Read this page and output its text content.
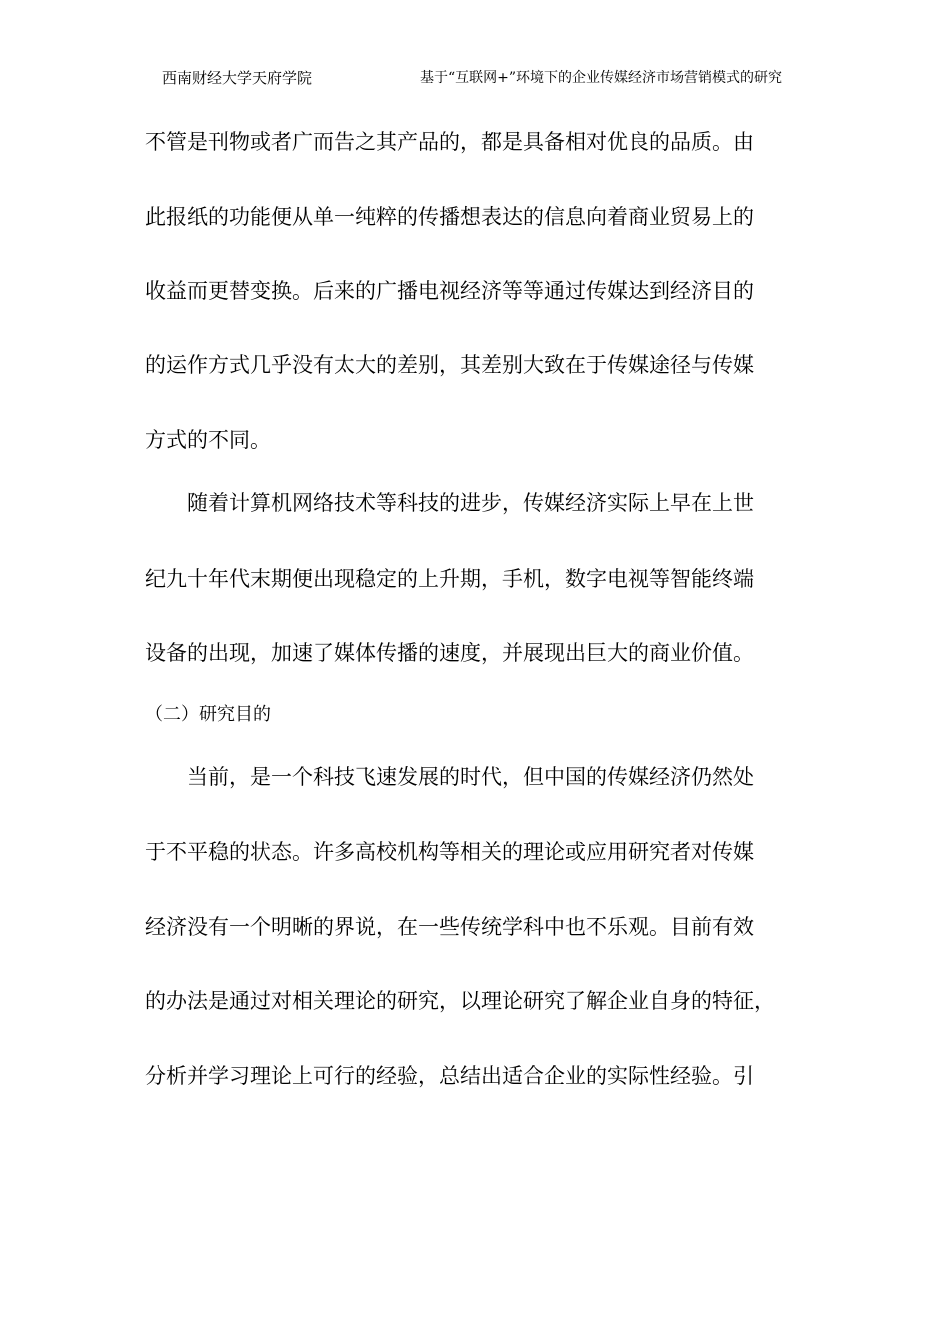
西南财经大学天府学院	基于“互联网+”环境下的企业传媒经济市场营销模式的研究
不管是刊物或者广而告之其产品的，都是具备相对优良的品质。由
此报纸的功能便从单一纯粹的传播想表达的信息向着商业贸易上的
收益而更替变换。后来的广播电视经济等等通过传媒达到经济目的
的运作方式几乎没有太大的差别，其差别大致在于传媒途径与传媒
方式的不同。
　　随着计算机网络技术等科技的进步，传媒经济实际上早在上世
纪九十年代末期便出现稳定的上升期，手机，数字电视等智能终端
设备的出现，加速了媒体传播的速度，并展现出巨大的商业价值。
（二）研究目的
　　当前，是一个科技飞速发展的时代，但中国的传媒经济仍然处
于不平稳的状态。许多高校机构等相关的理论或应用研究者对传媒
经济没有一个明晰的界说，在一些传统学科中也不乐观。目前有效
的办法是通过对相关理论的研究，以理论研究了解企业自身的特征，
分析并学习理论上可行的经验，总结出适合企业的实际性经验。引
